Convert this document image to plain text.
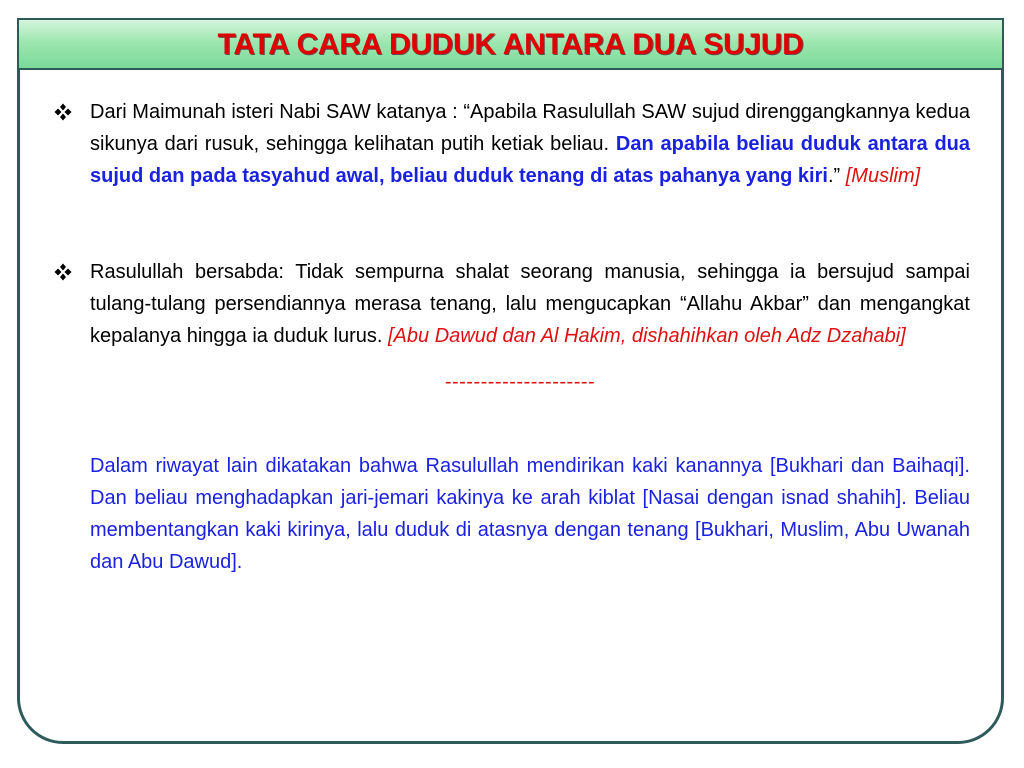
TATA CARA DUDUK ANTARA DUA SUJUD
Dari Maimunah isteri Nabi SAW katanya : “Apabila Rasulullah SAW sujud direnggangkannya kedua sikunya dari rusuk, sehingga kelihatan putih ketiak beliau. Dan apabila beliau duduk antara dua sujud dan pada tasyahud awal, beliau duduk tenang di atas pahanya yang kiri.” [Muslim]
Rasulullah bersabda: Tidak sempurna shalat seorang manusia, sehingga ia bersujud sampai tulang-tulang persendiannya merasa tenang, lalu mengucapkan “Allahu Akbar” dan mengangkat kepalanya hingga ia duduk lurus. [Abu Dawud dan Al Hakim, dishahihkan oleh Adz Dzahabi]
---------------------
Dalam riwayat lain dikatakan bahwa Rasulullah mendirikan kaki kanannya [Bukhari dan Baihaqi]. Dan beliau menghadapkan jari-jemari kakinya ke arah kiblat [Nasai dengan isnad shahih]. Beliau membentangkan kaki kirinya, lalu duduk di atasnya dengan tenang [Bukhari, Muslim, Abu Uwanah dan Abu Dawud].
